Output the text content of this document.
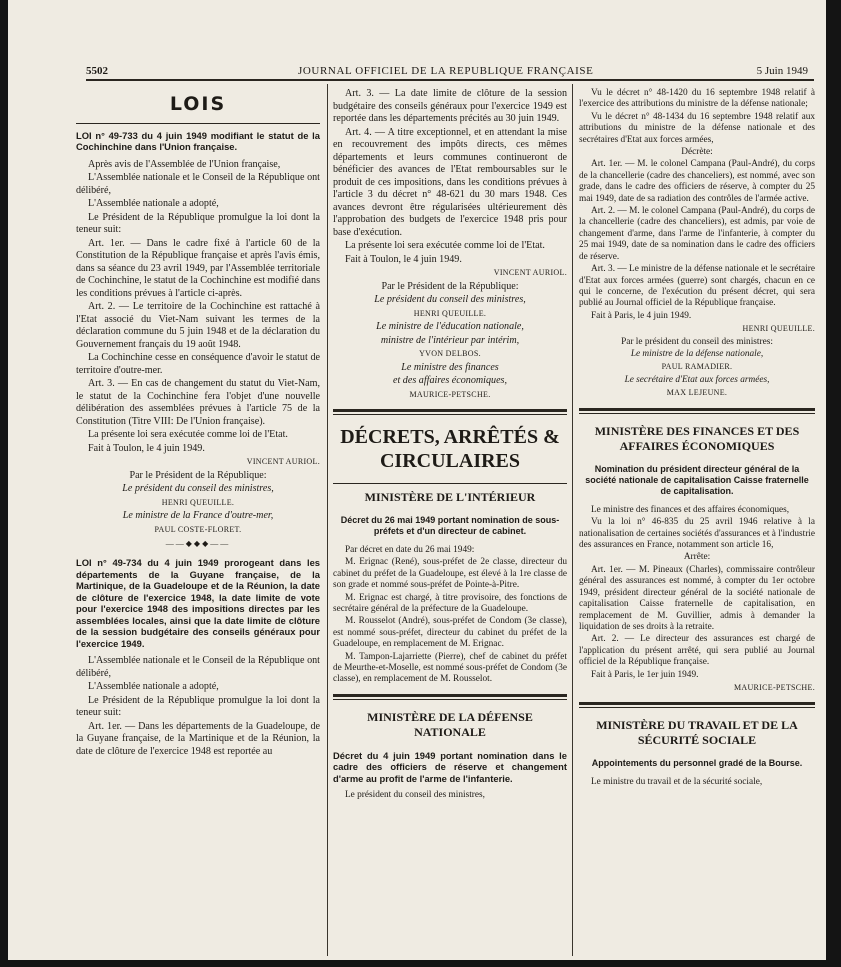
5502	JOURNAL OFFICIEL DE LA REPUBLIQUE FRANÇAISE	5 Juin 1949
LOIS

LOI n° 49-733 du 4 juin 1949 modifiant le statut de la Cochinchine dans l'Union française.

Après avis de l'Assemblée de l'Union française,

L'Assemblée nationale et le Conseil de la République ont délibéré,

L'Assemblée nationale a adopté,

Le Président de la République promulgue la loi dont la teneur suit:

Art. 1er. — Dans le cadre fixé à l'article 60 de la Constitution de la République française et après l'avis émis, dans sa séance du 23 avril 1949, par l'Assemblée territoriale de Cochinchine, le statut de la Cochinchine est modifié dans les conditions prévues à l'article ci-après.

Art. 2. — Le territoire de la Cochinchine est rattaché à l'Etat associé du Viet-Nam suivant les termes de la déclaration commune du 5 juin 1948 et de la déclaration du Gouvernement français du 19 août 1948.

La Cochinchine cesse en conséquence d'avoir le statut de territoire d'outre-mer.

Art. 3. — En cas de changement du statut du Viet-Nam, le statut de la Cochinchine fera l'objet d'une nouvelle délibération des assemblées prévues à l'article 75 de la Constitution (Titre VIII: De l'Union française).

La présente loi sera exécutée comme loi de l'Etat.

Fait à Toulon, le 4 juin 1949.

VINCENT AURIOL.

Par le Président de la République:

Le président du conseil des ministres,

HENRI QUEUILLE.

Le ministre de la France d'outre-mer,

PAUL COSTE-FLORET.

——◆◆◆——

LOI n° 49-734 du 4 juin 1949 prorogeant dans les départements de la Guyane française, de la Martinique, de la Guadeloupe et de la Réunion, la date de clôture de l'exercice 1948, la date limite de vote pour l'exercice 1948 des impositions directes par les assemblées locales, ainsi que la date limite de clôture de la session budgétaire des conseils généraux pour l'exercice 1949.

L'Assemblée nationale et le Conseil de la République ont délibéré,

L'Assemblée nationale a adopté,

Le Président de la République promulgue la loi dont la teneur suit:

Art. 1er. — Dans les départements de la Guadeloupe, de la Guyane française, de la Martinique et de la Réunion, la date de clôture de l'exercice 1948 est reportée au

Art. 3. — La date limite de clôture de la session budgétaire des conseils généraux pour l'exercice 1949 est reportée dans les départements précités au 30 juin 1949.

Art. 4. — A titre exceptionnel, et en attendant la mise en recouvrement des impôts directs, ces mêmes départements et leurs communes continueront de bénéficier des avances de l'Etat remboursables sur le produit de ces impositions, dans les conditions prévues à l'article 3 du décret n° 48-621 du 30 mars 1948. Ces avances devront être régularisées ultérieurement dès l'approbation des budgets de l'exercice 1948 pris pour base d'exécution.

La présente loi sera exécutée comme loi de l'Etat.

Fait à Toulon, le 4 juin 1949.

VINCENT AURIOL.

Par le Président de la République:

Le président du conseil des ministres,

HENRI QUEUILLE.

Le ministre de l'éducation nationale,

ministre de l'intérieur par intérim,

YVON DELBOS.

Le ministre des finances

et des affaires économiques,

MAURICE-PETSCHE.

DÉCRETS, ARRÊTÉS & CIRCULAIRES
MINISTÈRE DE L'INTÉRIEUR

Décret du 26 mai 1949 portant nomination de sous-préfets et d'un directeur de cabinet.

Par décret en date du 26 mai 1949:

M. Erignac (René), sous-préfet de 2e classe, directeur du cabinet du préfet de la Guadeloupe, est élevé à la 1re classe de son grade et nommé sous-préfet de Pointe-à-Pitre.

M. Erignac est chargé, à titre provisoire, des fonctions de secrétaire général de la préfecture de la Guadeloupe.

M. Rousselot (André), sous-préfet de Condom (3e classe), est nommé sous-préfet, directeur du cabinet du préfet de la Guadeloupe, en remplacement de M. Erignac.

M. Tampon-Lajarriette (Pierre), chef de cabinet du préfet de Meurthe-et-Moselle, est nommé sous-préfet de Condom (3e classe), en remplacement de M. Rousselot.

MINISTÈRE DE LA DÉFENSE NATIONALE

Décret du 4 juin 1949 portant nomination dans le cadre des officiers de réserve et changement d'arme au profit de l'arme de l'infanterie.

Le président du conseil des ministres,

Vu le décret n° 48-1420 du 16 septembre 1948 relatif à l'exercice des attributions du ministre de la défense nationale;

Vu le décret n° 48-1434 du 16 septembre 1948 relatif aux attributions du ministre de la défense nationale et des secrétaires d'Etat aux forces armées,

Décrète:

Art. 1er. — M. le colonel Campana (Paul-André), du corps de la chancellerie (cadre des chanceliers), est nommé, avec son grade, dans le cadre des officiers de réserve, à compter du 25 mai 1949, date de sa radiation des contrôles de l'armée active.

Art. 2. — M. le colonel Campana (Paul-André), du corps de la chancellerie (cadre des chanceliers), est admis, par voie de changement d'arme, dans l'arme de l'infanterie, à compter du 25 mai 1949, date de sa nomination dans le cadre des officiers de réserve.

Art. 3. — Le ministre de la défense nationale et le secrétaire d'Etat aux forces armées (guerre) sont chargés, chacun en ce qui le concerne, de l'exécution du présent décret, qui sera publié au Journal officiel de la République française.

Fait à Paris, le 4 juin 1949.

HENRI QUEUILLE.

Par le président du conseil des ministres:

Le ministre de la défense nationale,

PAUL RAMADIER.

Le secrétaire d'Etat aux forces armées,

MAX LEJEUNE.

MINISTÈRE DES FINANCES ET DES AFFAIRES ÉCONOMIQUES

Nomination du président directeur général de la société nationale de capitalisation Caisse fraternelle de capitalisation.

Le ministre des finances et des affaires économiques,

Vu la loi n° 46-835 du 25 avril 1946 relative à la nationalisation de certaines sociétés d'assurances et à l'industrie des assurances en France, notamment son article 16,

Arrête:

Art. 1er. — M. Pineaux (Charles), commissaire contrôleur général des assurances est nommé, à compter du 1er octobre 1949, président directeur général de la société nationale de capitalisation Caisse fraternelle de capitalisation, en remplacement de M. Guvillier, admis à demander la liquidation de ses droits à la retraite.

Art. 2. — Le directeur des assurances est chargé de l'application du présent arrêté, qui sera publié au Journal officiel de la République française.

Fait à Paris, le 1er juin 1949.

MAURICE-PETSCHE.

MINISTÈRE DU TRAVAIL ET DE LA SÉCURITÉ SOCIALE

Appointements du personnel gradé de la Bourse.

Le ministre du travail et de la sécurité sociale,
